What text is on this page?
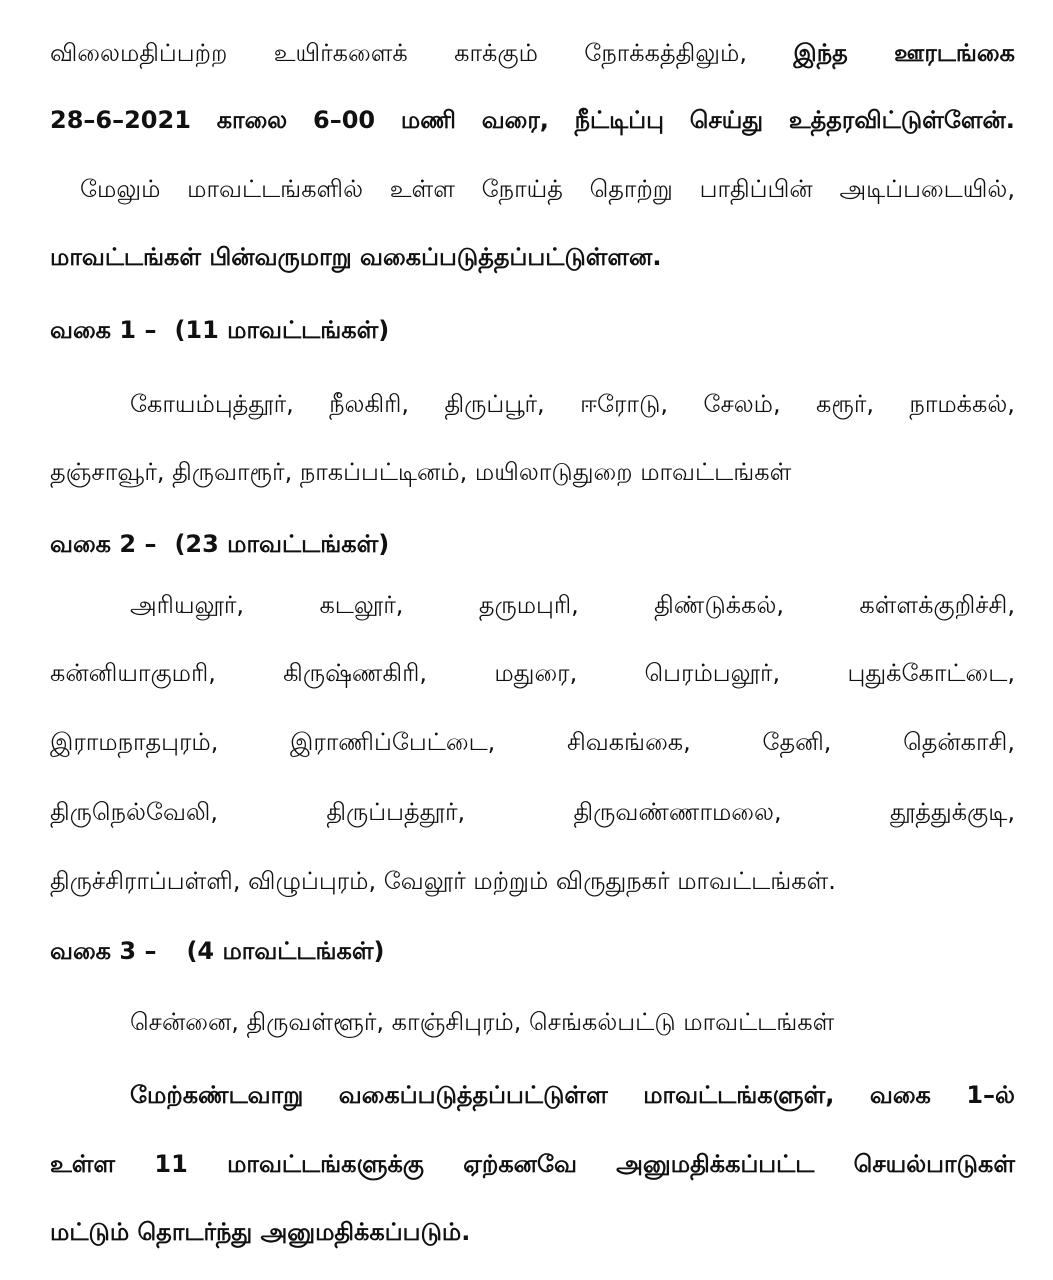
விலைமதிப்பற்ற உயிர்களைக் காக்கும் நோக்கத்திலும், இந்த ஊரடங்கை
28–6–2021 காலை 6–00 மணி வரை, நீட்டிப்பு செய்து உத்தரவிட்டுள்ளேன்.
மேலும் மாவட்டங்களில் உள்ள நோய்த் தொற்று பாதிப்பின் அடிப்படையில்,
மாவட்டங்கள் பின்வருமாறு வகைப்படுத்தப்பட்டுள்ளன.
வகை 1 – (11 மாவட்டங்கள்)
கோயம்புத்தூர், நீலகிரி, திருப்பூர், ஈரோடு, சேலம், கரூர், நாமக்கல்,
தஞ்சாவூர், திருவாரூர், நாகப்பட்டினம், மயிலாடுதுறை மாவட்டங்கள்
வகை 2 – (23 மாவட்டங்கள்)
அரியலூர்,	கடலூர்,	தருமபுரி,	திண்டுக்கல்,	கள்ளக்குறிச்சி,
கன்னியாகுமரி,	கிருஷ்ணகிரி,	மதுரை,	பெரம்பலூர்,	புதுக்கோட்டை,
இராமநாதபுரம்,	இராணிப்பேட்டை,	சிவகங்கை,	தேனி,	தென்காசி,
திருநெல்வேலி,	திருப்பத்தூர்,	திருவண்ணாமலை,	தூத்துக்குடி,
திருச்சிராப்பள்ளி, விழுப்புரம், வேலூர் மற்றும் விருதுநகர் மாவட்டங்கள்.
வகை 3 – (4 மாவட்டங்கள்)
சென்னை, திருவள்ளூர், காஞ்சிபுரம், செங்கல்பட்டு மாவட்டங்கள்
மேற்கண்டவாறு வகைப்படுத்தப்பட்டுள்ள மாவட்டங்களுள், வகை 1–ல்
உள்ள 11 மாவட்டங்களுக்கு ஏற்கனவே அனுமதிக்கப்பட்ட செயல்பாடுகள்
மட்டும் தொடர்ந்து அனுமதிக்கப்படும்.
